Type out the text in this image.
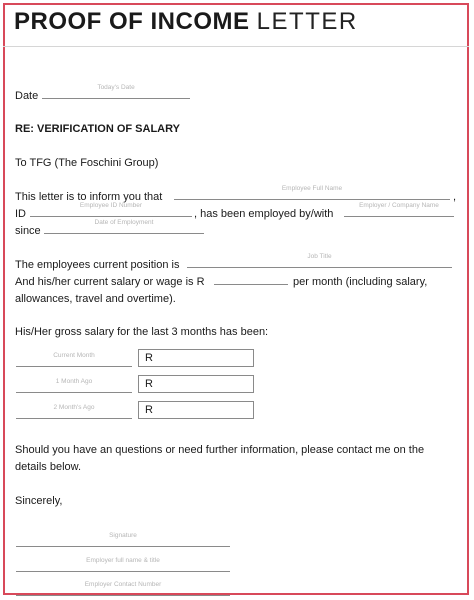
PROOF OF INCOME LETTER
Date
Today's Date
RE: VERIFICATION OF SALARY
To TFG (The Foschini Group)
This letter is to inform you that
Employee Full Name
,
ID
Employee ID Number
, has been employed by/with
Employer / Company Name
since
Date of Employment
The employees current position is
Job Title
And his/her current salary or wage is R	per month (including salary,
allowances, travel and overtime).
His/Her gross salary for the last 3 months has been:
Current Month	R
1 Month Ago	R
2 Month's Ago	R
Should you have an questions or need further information, please contact me on the
details below.
Sincerely,
Signature
Employer full name & title
Employer Contact Number
